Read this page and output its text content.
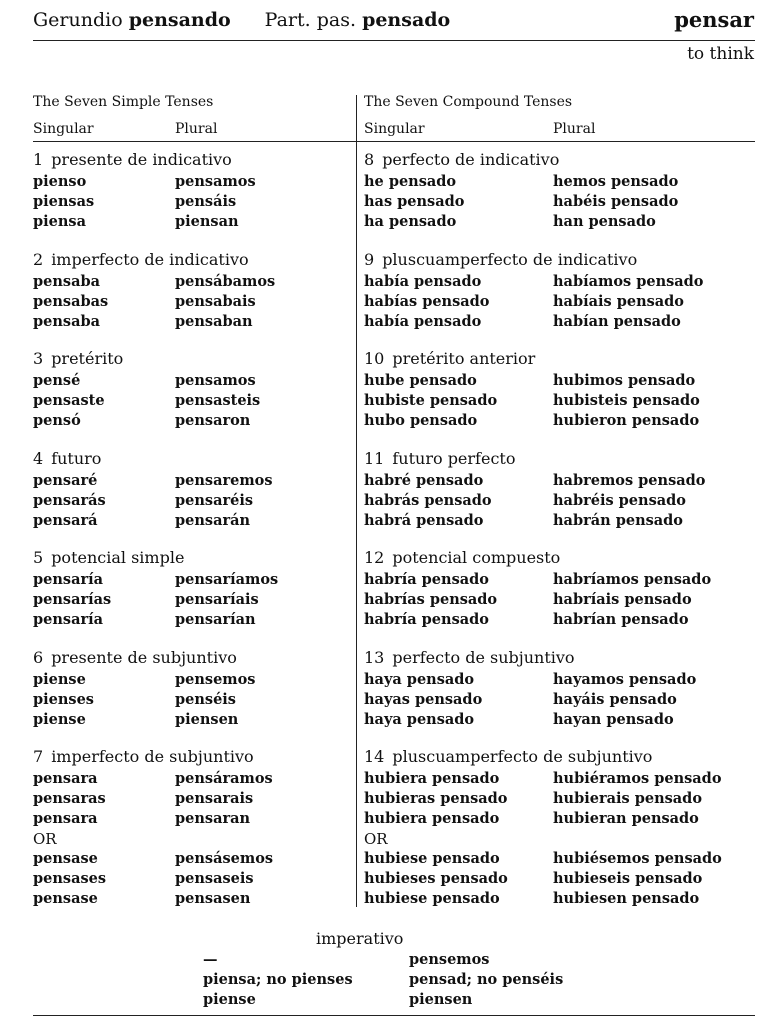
Gerundio pensando Part. pas. pensado	pensar
to think
The Seven Simple Tenses	The Seven Compound Tenses
Singular	Plural	Singular	Plural
1 presente de indicativo
pienso	pensamos
piensas	pensáis
piensa	piensan
2 imperfecto de indicativo
pensaba	pensábamos
pensabas	pensabais
pensaba	pensaban
3 pretérito
pensé	pensamos
pensaste	pensasteis
pensó	pensaron
4 futuro
pensaré	pensaremos
pensarás	pensaréis
pensará	pensarán
5 potencial simple
pensaría	pensaríamos
pensarías	pensaríais
pensaría	pensarían
6 presente de subjuntivo
piense	pensemos
pienses	penséis
piense	piensen
7 imperfecto de subjuntivo
pensara	pensáramos
pensaras	pensarais
pensara	pensaran
OR
pensase	pensásemos
pensases	pensaseis
pensase	pensasen
8 perfecto de indicativo
he pensado	hemos pensado
has pensado	habéis pensado
ha pensado	han pensado
9 pluscuamperfecto de indicativo
había pensado	habíamos pensado
habías pensado	habíais pensado
había pensado	habían pensado
10 pretérito anterior
hube pensado	hubimos pensado
hubiste pensado	hubisteis pensado
hubo pensado	hubieron pensado
11 futuro perfecto
habré pensado	habremos pensado
habrás pensado	habréis pensado
habrá pensado	habrán pensado
12 potencial compuesto
habría pensado	habríamos pensado
habrías pensado	habríais pensado
habría pensado	habrían pensado
13 perfecto de subjuntivo
haya pensado	hayamos pensado
hayas pensado	hayáis pensado
haya pensado	hayan pensado
14 pluscuamperfecto de subjuntivo
hubiera pensado	hubiéramos pensado
hubieras pensado	hubierais pensado
hubiera pensado	hubieran pensado
OR
hubiese pensado	hubiésemos pensado
hubieses pensado	hubieseis pensado
hubiese pensado	hubiesen pensado
imperativo
—	pensemos
piensa; no pienses	pensad; no penséis
piense	piensen
